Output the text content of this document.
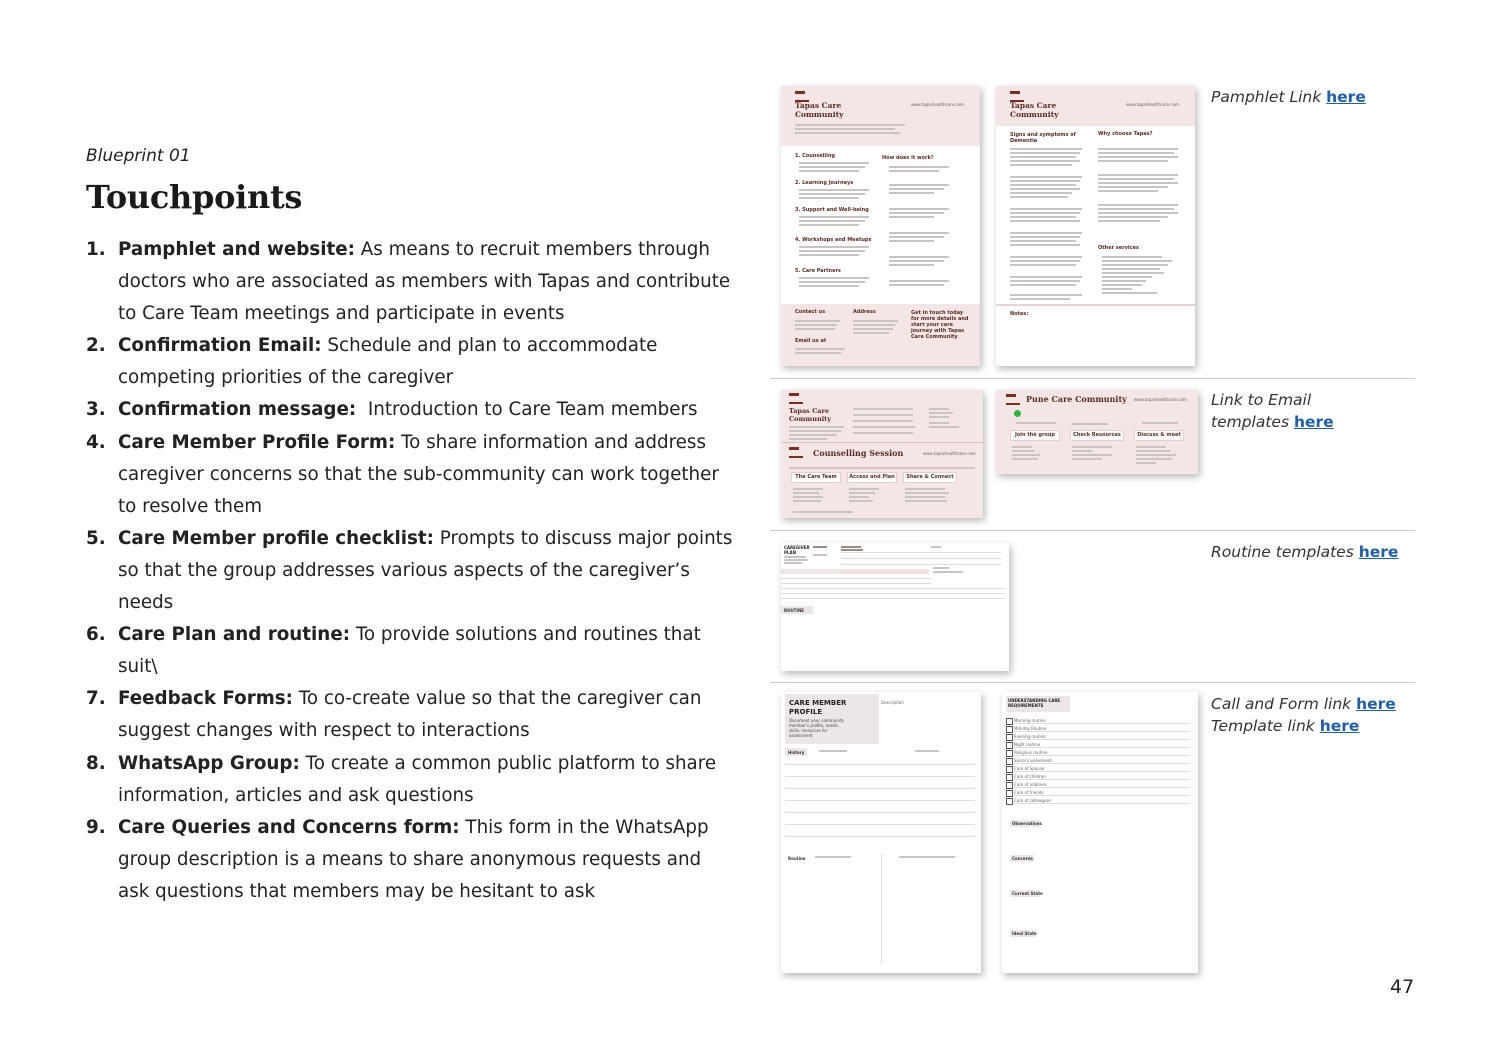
Blueprint 01
Touchpoints
1. Pamphlet and website: As means to recruit members through doctors who are associated as members with Tapas and contribute to Care Team meetings and participate in events
2. Confirmation Email: Schedule and plan to accommodate competing priorities of the caregiver
3. Confirmation message:  Introduction to Care Team members
4. Care Member Profile Form: To share information and address caregiver concerns so that the sub-community can work together to resolve them
5. Care Member profile checklist: Prompts to discuss major points so that the group addresses various aspects of the caregiver’s needs
6. Care Plan and routine: To provide solutions and routines that suit\
7. Feedback Forms: To co-create value so that the caregiver can suggest changes with respect to interactions
8. WhatsApp Group: To create a common public platform to share information, articles and ask questions
9. Care Queries and Concerns form: This form in the WhatsApp group description is a means to share anonymous requests and ask questions that members may be hesitant to ask
Tapas Care Community
www.tapashealthcare.com
1. Counselling
2. Learning Journeys
3. Support and Well-being
4. Workshops and Meetups
5. Care Partners
How does it work?
Contact us	Address	Get in touch today for more details and start your care journey with Tapas Care Community
Email us at
Tapas Care Community
www.tapashealthcare.com
Signs and symptoms of Dementia
Why choose Tapas?
Other services
Notes:
Pamphlet Link here
Tapas Care Community
Counselling Session	www.tapashealthcare.com
The Care Team	Access and Plan	Share & Connect
Pune Care Community www.tapashealthcare.com
Join the group	Check Resources	Discuss & meet
Link to Email
templates here
CAREGIVER PLAN
ROUTINE
Routine templates here
CARE MEMBER PROFILE
Document your community member's profile, needs, skills, resources for assessment
Description
History
Routine
UNDERSTANDING CARE REQUIREMENTS
Morning routine
Mid-day Routine
Evening routine
Night routine
Religious routine
Social involvement
Care of Spouse
Care of children
Care of relatives
Care of friends
Care of colleagues
Observations
Concerns
Current State
Ideal State
Call and Form link here
Template link here
47
